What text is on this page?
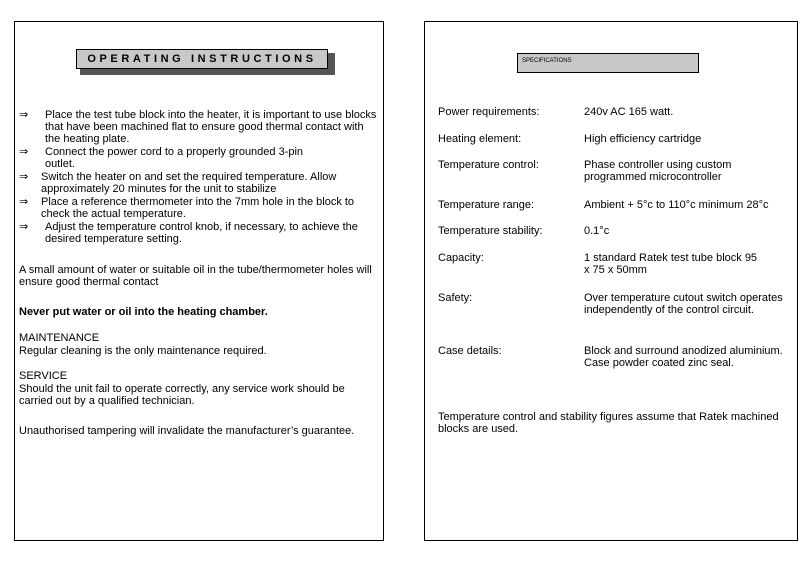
OPERATING INSTRUCTIONS
⇒ Place the test tube block into the heater, it is important to use blocks that have been machined flat to ensure good thermal contact with the heating plate.
⇒ Connect the power cord to a properly grounded 3-pin outlet.
⇒ Switch the heater on and set the required temperature. Allow approximately 20 minutes for the unit to stabilize
⇒ Place a reference thermometer into the 7mm hole in the block to check the actual temperature.
⇒ Adjust the temperature control knob, if necessary, to achieve the desired temperature setting.
A small amount of water or suitable oil in the tube/thermometer holes will ensure good thermal contact
Never put water or oil into the heating chamber.
MAINTENANCE
Regular cleaning is the only maintenance required.
SERVICE
Should the unit fail to operate correctly, any service work should be carried out by a qualified technician.
Unauthorised tampering will invalidate the manufacturer’s guarantee.
SPECIFICATIONS
Power requirements:	240v AC 165 watt.
Heating element:	High efficiency cartridge
Temperature control:	Phase controller using custom programmed microcontroller
Temperature range:	Ambient + 5°c to 110°c minimum 28°c
Temperature stability:	0.1°c
Capacity:	1 standard Ratek test tube block 95 x 75 x 50mm
Safety:	Over temperature cutout switch operates independently of the control circuit.
Case details:	Block and surround anodized aluminium. Case powder coated zinc seal.
Temperature control and stability figures assume that Ratek machined blocks are used.
